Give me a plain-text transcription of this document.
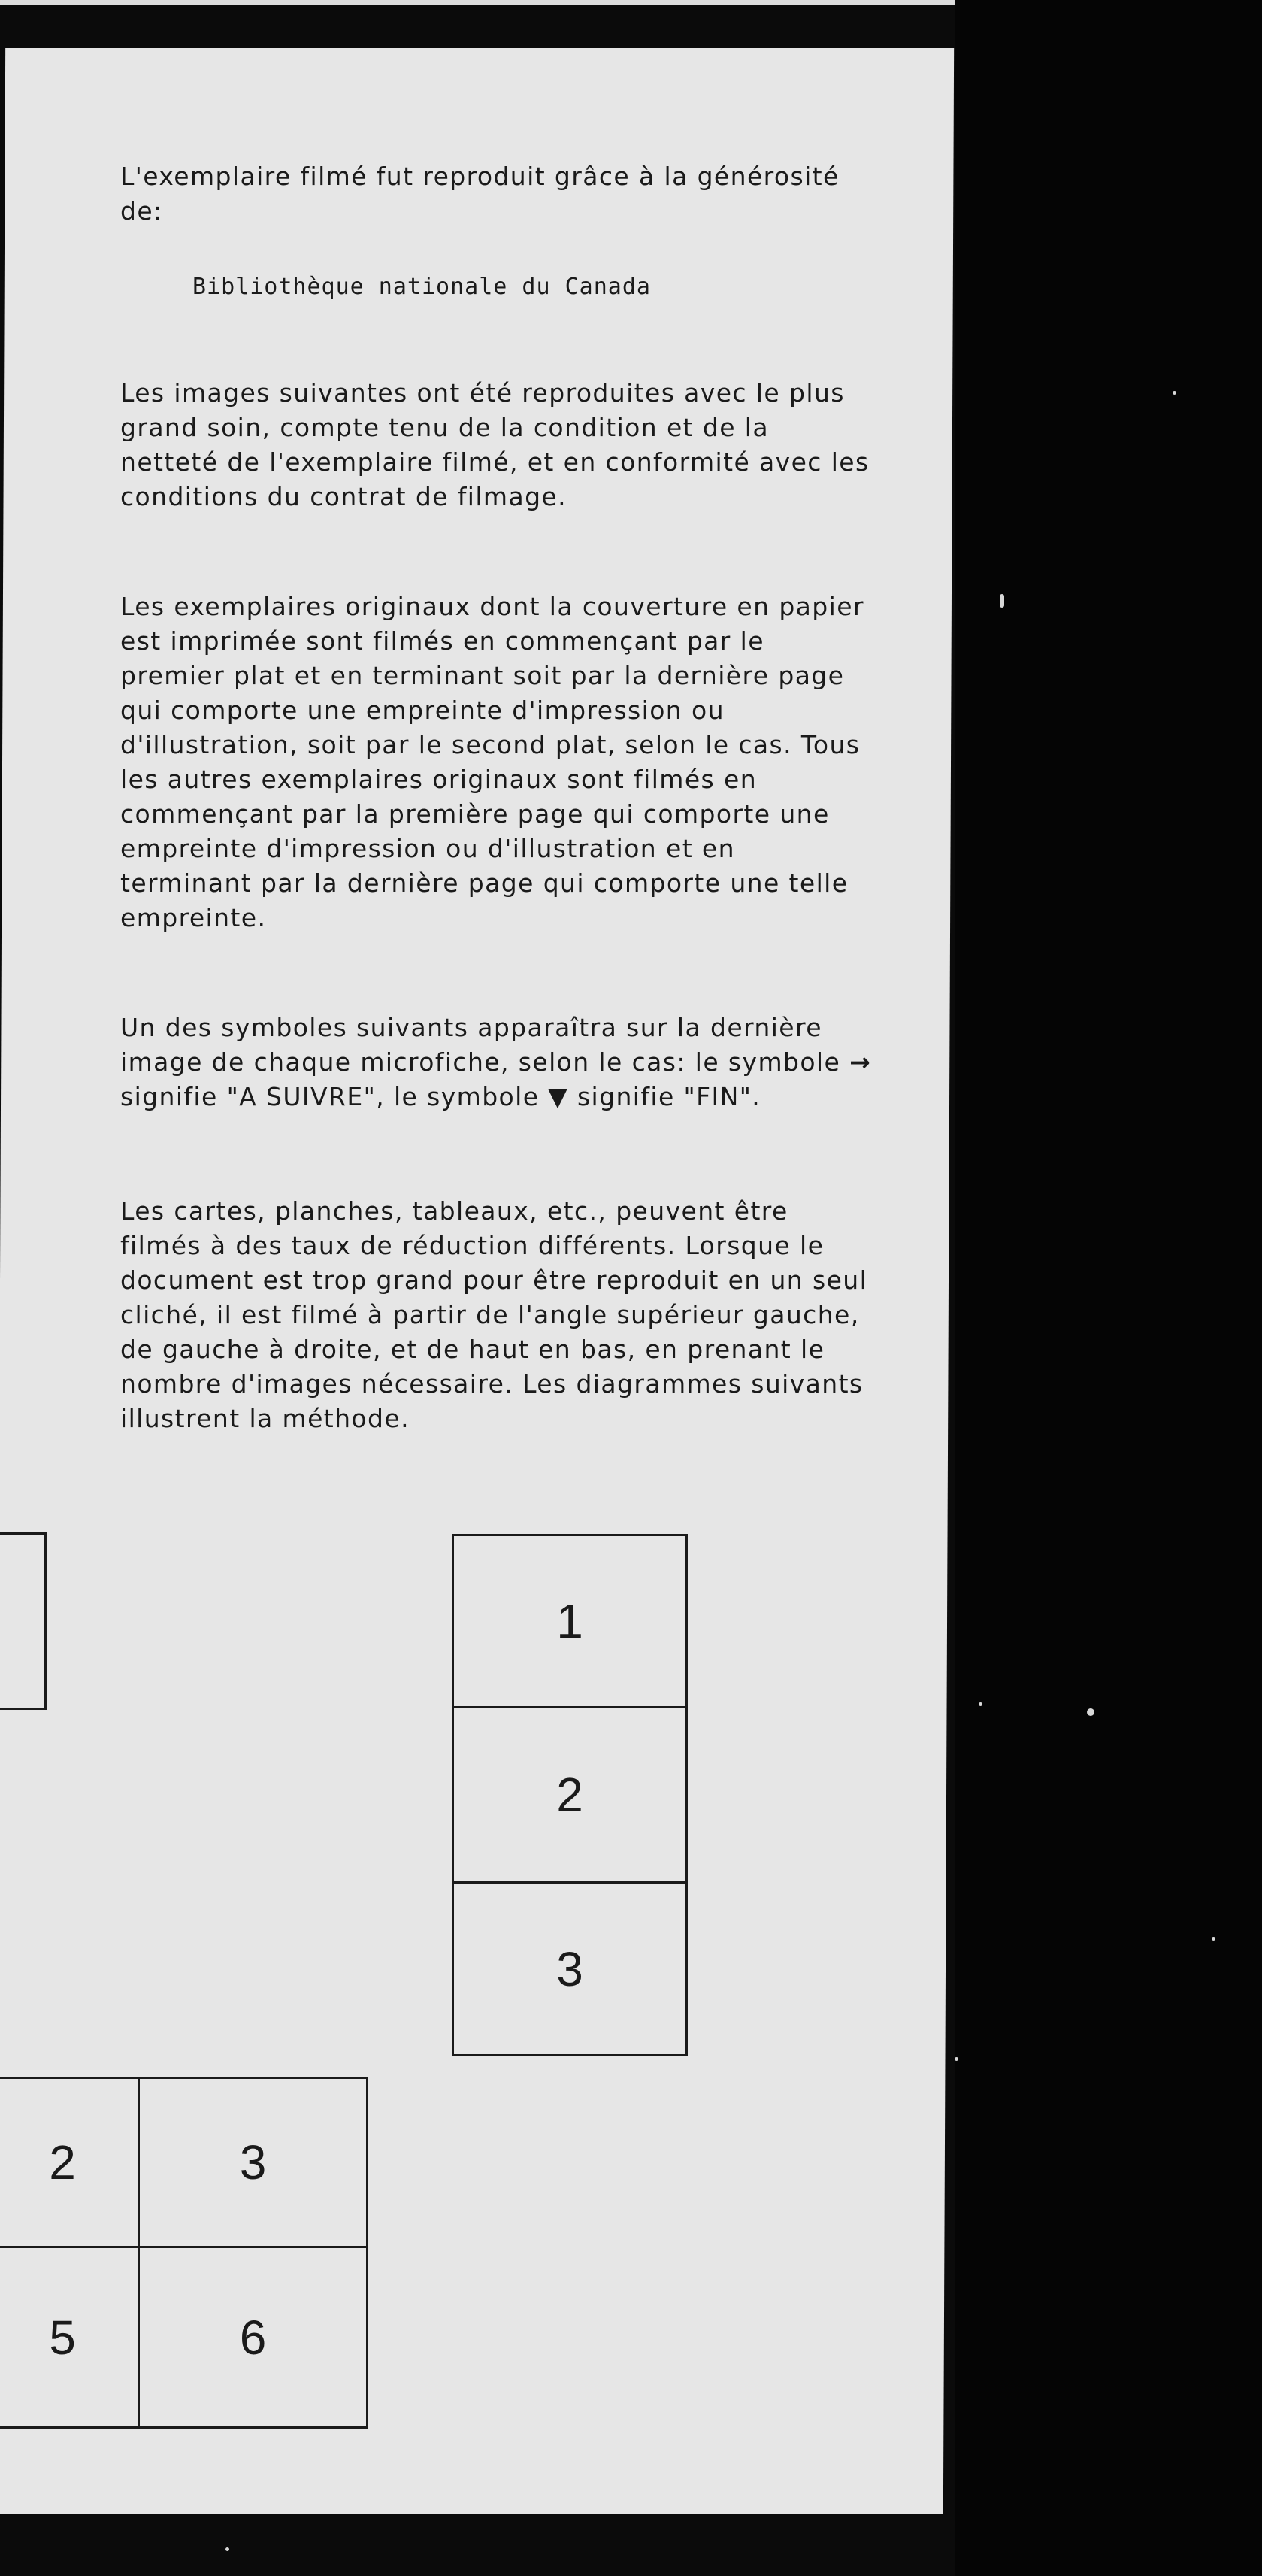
L'exemplaire filmé fut reproduit grâce à la générosité de:
Bibliothèque nationale du Canada
Les images suivantes ont été reproduites avec le plus grand soin, compte tenu de la condition et de la netteté de l'exemplaire filmé, et en conformité avec les conditions du contrat de filmage.
Les exemplaires originaux dont la couverture en papier est imprimée sont filmés en commençant par le premier plat et en terminant soit par la dernière page qui comporte une empreinte d'impression ou d'illustration, soit par le second plat, selon le cas. Tous les autres exemplaires originaux sont filmés en commençant par la première page qui comporte une empreinte d'impression ou d'illustration et en terminant par la dernière page qui comporte une telle empreinte.
Un des symboles suivants apparaîtra sur la dernière image de chaque microfiche, selon le cas: le symbole → signifie "A SUIVRE", le symbole ▼ signifie "FIN".
Les cartes, planches, tableaux, etc., peuvent être filmés à des taux de réduction différents. Lorsque le document est trop grand pour être reproduit en un seul cliché, il est filmé à partir de l'angle supérieur gauche, de gauche à droite, et de haut en bas, en prenant le nombre d'images nécessaire. Les diagrammes suivants illustrent la méthode.
1
2
3
2	3
5	6
